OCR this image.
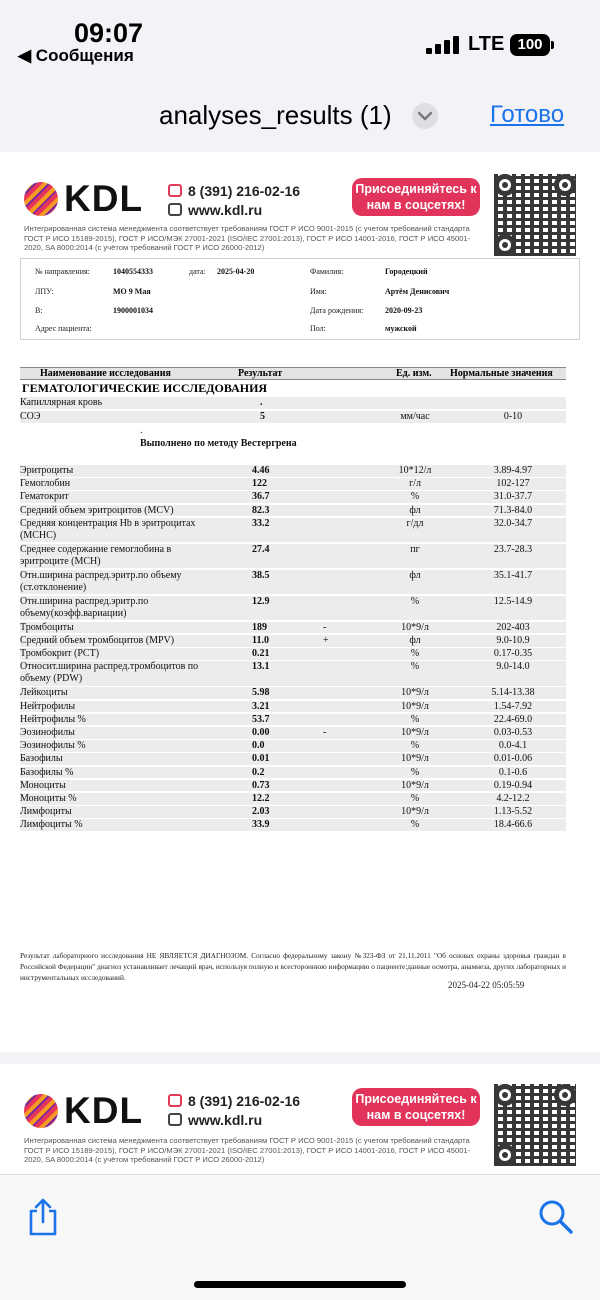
09:07
◀ Сообщения
LTE 100
analyses_results (1)	Готово
KDL	8 (391) 216-02-16
www.kdl.ru
Присоединяйтесь к нам в соцсетях!
Интегрированная система менеджмента соответствует требованиям ГОСТ Р ИСО 9001-2015 (с учетом требований стандарта ГОСТ Р ИСО 15189-2015), ГОСТ Р ИСО/МЭК 27001-2021 (ISO/IEC 27001:2013), ГОСТ Р ИСО 14001-2016, ГОСТ Р ИСО 45001-2020, SA 8000:2014 (с учётом требований ГОСТ Р ИСО 26000-2012)
№ направления:	1040554333	дата: 2025-04-20	Фамилия:	Городецкий
ЛПУ:	МО 9 Мая	Имя:	Артём Денисович
В:	1900001034	Дата рождения:	2020-09-23
Адрес пациента:	Пол:	мужской
Наименование исследования	Результат	Ед. изм. Нормальные значения
ГЕМАТОЛОГИЧЕСКИЕ ИССЛЕДОВАНИЯ
Капиллярная кровь	.
СОЭ	5	мм/час	0-10
.
Выполнено по методу Вестергрена
Эритроциты	4.46	10*12/л	3.89-4.97
Гемоглобин	122	г/л	102-127
Гематокрит	36.7	%	31.0-37.7
Средний объем эритроцитов (MCV)	82.3	фл	71.3-84.0
Средняя концентрация Hb в эритроцитах (MCHC)
33.2	г/дл	32.0-34.7
Среднее содержание гемоглобина в эритроците (MCH)
27.4	пг	23.7-28.3
Отн.ширина распред.эритр.по объему (ст.отклонение)
38.5	фл	35.1-41.7
Отн.ширина распред.эритр.по объему(коэфф.вариации)
12.9	%	12.5-14.9
Тромбоциты	189	-	10*9/л	202-403
Средний объем тромбоцитов (MPV)	11.0	+	фл	9.0-10.9
Тромбокрит (PCT)	0.21	%	0.17-0.35
Относит.ширина распред.тромбоцитов по объему (PDW)
13.1	%	9.0-14.0
Лейкоциты	5.98	10*9/л	5.14-13.38
Нейтрофилы	3.21	10*9/л	1.54-7.92
Нейтрофилы %	53.7	%	22.4-69.0
Эозинофилы	0.00	-	10*9/л	0.03-0.53
Эозинофилы %	0.0	%	0.0-4.1
Базофилы	0.01	10*9/л	0.01-0.06
Базофилы %	0.2	%	0.1-0.6
Моноциты	0.73	10*9/л	0.19-0.94
Моноциты %	12.2	%	4.2-12.2
Лимфоциты	2.03	10*9/л	1.13-5.52
Лимфоциты %	33.9	%	18.4-66.6
Результат лабораторного исследования НЕ ЯВЛЯЕТСЯ ДИАГНОЗОМ. Согласно федеральному закону №323-ФЗ от 21.11.2011 "Об основах охраны здоровья граждан в Российской Федерации" диагноз устанавливает лечащий врач, используя полную и всестороннюю информацию о пациенте:данные осмотра, анамнеза, других лабораторных и инструментальных исследований.
2025-04-22 05:05:59
KDL	8 (391) 216-02-16
www.kdl.ru
Присоединяйтесь к нам в соцсетях!
Интегрированная система менеджмента соответствует требованиям ГОСТ Р ИСО 9001-2015 (с учетом требований стандарта ГОСТ Р ИСО 15189-2015), ГОСТ Р ИСО/МЭК 27001-2021 (ISO/IEC 27001:2013), ГОСТ Р ИСО 14001-2016, ГОСТ Р ИСО 45001-2020, SA 8000:2014 (с учётом требований ГОСТ Р ИСО 26000-2012)
